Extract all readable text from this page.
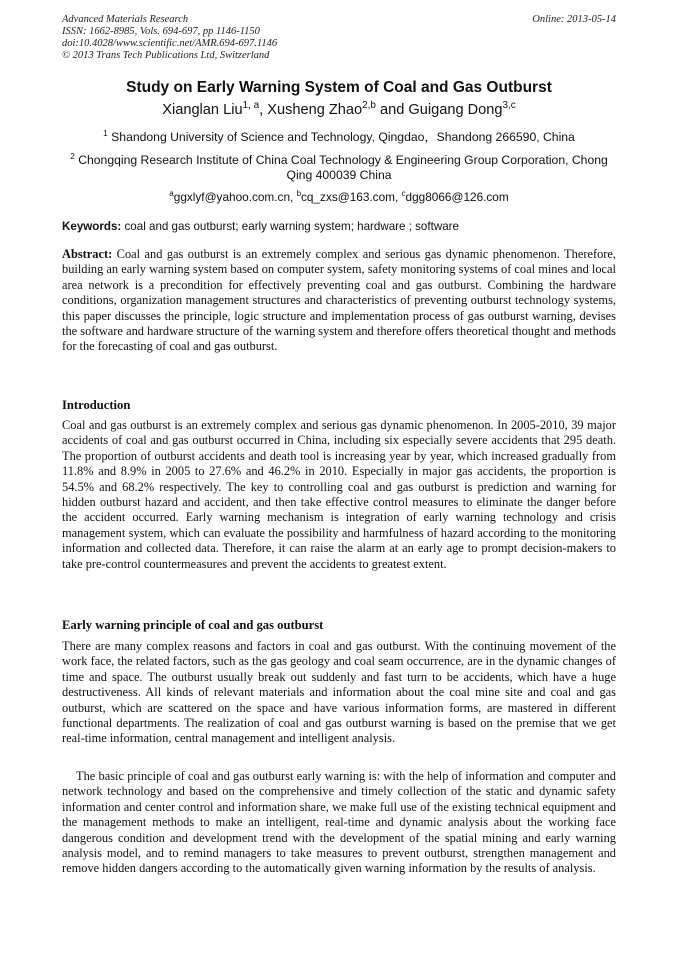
Advanced Materials Research
ISSN: 1662-8985, Vols. 694-697, pp 1146-1150
doi:10.4028/www.scientific.net/AMR.694-697.1146
© 2013 Trans Tech Publications Ltd, Switzerland
Online: 2013-05-14
Study on Early Warning System of Coal and Gas Outburst
Xianglan Liu$^{1, a}$, Xusheng Zhao$^{2,b}$ and Guigang Dong$^{3,c}$
$^1$ Shandong University of Science and Technology, Qingdao，Shandong 266590, China
$^2$ Chongqing Research Institute of China Coal Technology & Engineering Group Corporation, Chong Qing 400039 China
$^a$ggxlyf@yahoo.com.cn, $^b$cq_zxs@163.com, $^c$dgg8066@126.com
Keywords: coal and gas outburst; early warning system; hardware ; software

Abstract: Coal and gas outburst is an extremely complex and serious gas dynamic phenomenon. Therefore, building an early warning system based on computer system, safety monitoring systems of coal mines and local area network is a precondition for effectively preventing coal and gas outburst. Combining the hardware conditions, organization management structures and characteristics of preventing outburst technology systems, this paper discusses the principle, logic structure and implementation process of gas outburst warning, devises the software and hardware structure of the warning system and therefore offers theoretical thought and methods for the forecasting of coal and gas outburst.

Introduction

Coal and gas outburst is an extremely complex and serious gas dynamic phenomenon. In 2005-2010, 39 major accidents of coal and gas outburst occurred in China, including six especially severe accidents that 295 death. The proportion of outburst accidents and death tool is increasing year by year, which increased gradually from 11.8% and 8.9% in 2005 to 27.6% and 46.2% in 2010. Especially in major gas accidents, the proportion is 54.5% and 68.2% respectively. The key to controlling coal and gas outburst is prediction and warning for hidden outburst hazard and accident, and then take effective control measures to eliminate the danger before the accident occurred. Early warning mechanism is integration of early warning technology and crisis management system, which can evaluate the possibility and harmfulness of hazard according to the monitoring information and collected data. Therefore, it can raise the alarm at an early age to prompt decision-makers to take pre-control countermeasures and prevent the accidents to greatest extent.

Early warning principle of coal and gas outburst

There are many complex reasons and factors in coal and gas outburst. With the continuing movement of the work face, the related factors, such as the gas geology and coal seam occurrence, are in the dynamic changes of time and space. The outburst usually break out suddenly and fast turn to be accidents, which have a huge destructiveness. All kinds of relevant materials and information about the coal mine site and coal and gas outburst, which are scattered on the space and have various information forms, are mastered in different functional departments. The realization of coal and gas outburst warning is based on the premise that we get real-time information, central management and intelligent analysis.

The basic principle of coal and gas outburst early warning is: with the help of information and computer and network technology and based on the comprehensive and timely collection of the static and dynamic safety information and center control and information share, we make full use of the existing technical equipment and the management methods to make an intelligent, real-time and dynamic analysis about the working face dangerous condition and development trend with the development of the spatial mining and early warning analysis model, and to remind managers to take measures to prevent outburst, strengthen management and remove hidden dangers according to the automatically given warning information by the results of analysis.
